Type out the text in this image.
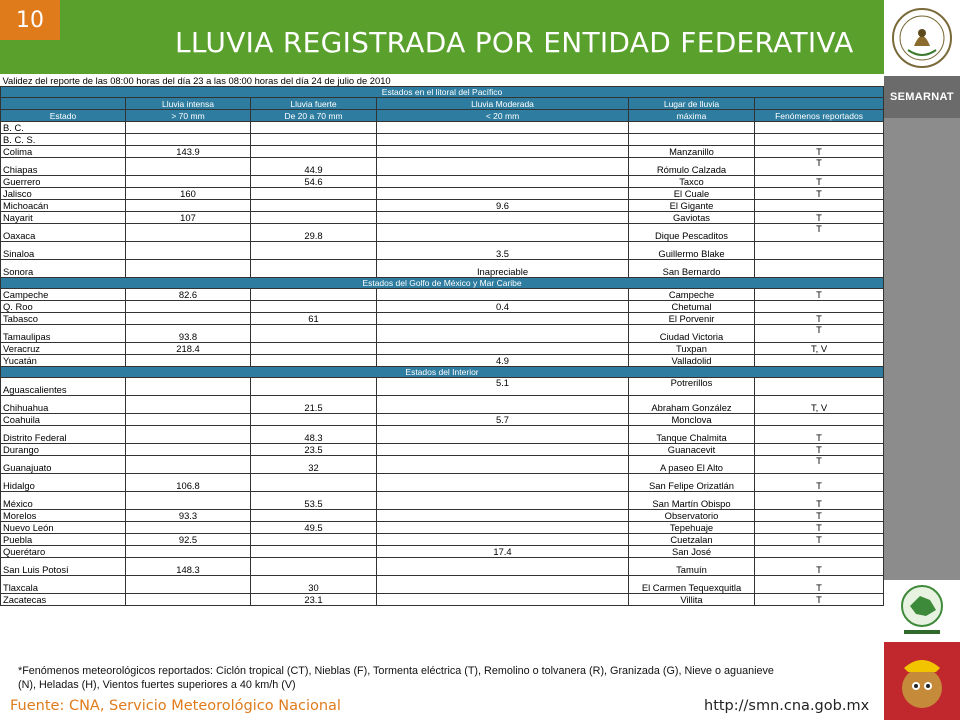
10
LLUVIA REGISTRADA POR ENTIDAD FEDERATIVA
SEMARNAT
Validez del reporte de las 08:00 horas del día 23 a las 08:00 horas del día 24 de julio de 2010					
Estados en el litoral del Pacífico					
	Lluvia intensa	Lluvia fuerte	Lluvia Moderada	Lugar de lluvia	
Estado	> 70 mm	De 20 a 70 mm	< 20 mm	máxima	Fenómenos reportados
B. C.					
B. C. S.					
Colima	143.9			Manzanillo	T
Chiapas		44.9		Rómulo Calzada	T
Guerrero		54.6		Taxco	T
Jalisco	160			El Cuale	T
Michoacán			9.6	El Gigante	
Nayarit	107			Gaviotas	T
Oaxaca		29.8		Dique Pescaditos	T
Sinaloa			3.5	Guillermo Blake	
Sonora			Inapreciable	San Bernardo	
Estados del Golfo de México y Mar Caribe					
Campeche	82.6			Campeche	T
Q. Roo			0.4	Chetumal	
Tabasco		61		El Porvenir	T
Tamaulipas	93.8			Ciudad Victoria	T
Veracruz	218.4			Tuxpan	T, V
Yucatán			4.9	Valladolid	
Estados del Interior					
Aguascalientes			5.1	Potrerillos	
Chihuahua		21.5		Abraham González	T, V
Coahuila			5.7	Monclova	
Distrito Federal		48.3		Tanque Chalmita	T
Durango		23.5		Guanacevit	T
Guanajuato		32		A paseo El Alto	T
Hidalgo	106.8			San Felipe Orizatlán	T
México		53.5		San Martín Obispo	T
Morelos	93.3			Observatorio	T
Nuevo León		49.5		Tepehuaje	T
Puebla	92.5			Cuetzalan	T
Querétaro			17.4	San José	
San Luis Potosí	148.3			Tamuín	T
Tlaxcala		30		El Carmen Tequexquitla	T
Zacatecas		23.1		Villita	T
*Fenómenos meteorológicos reportados: Ciclón tropical (CT), Nieblas (F), Tormenta eléctrica (T), Remolino o tolvanera (R), Granizada (G), Nieve o aguanieve
(N), Heladas (H), Vientos fuertes superiores a 40 km/h (V)
Fuente: CNA, Servicio Meteorológico Nacional	http://smn.cna.gob.mx
